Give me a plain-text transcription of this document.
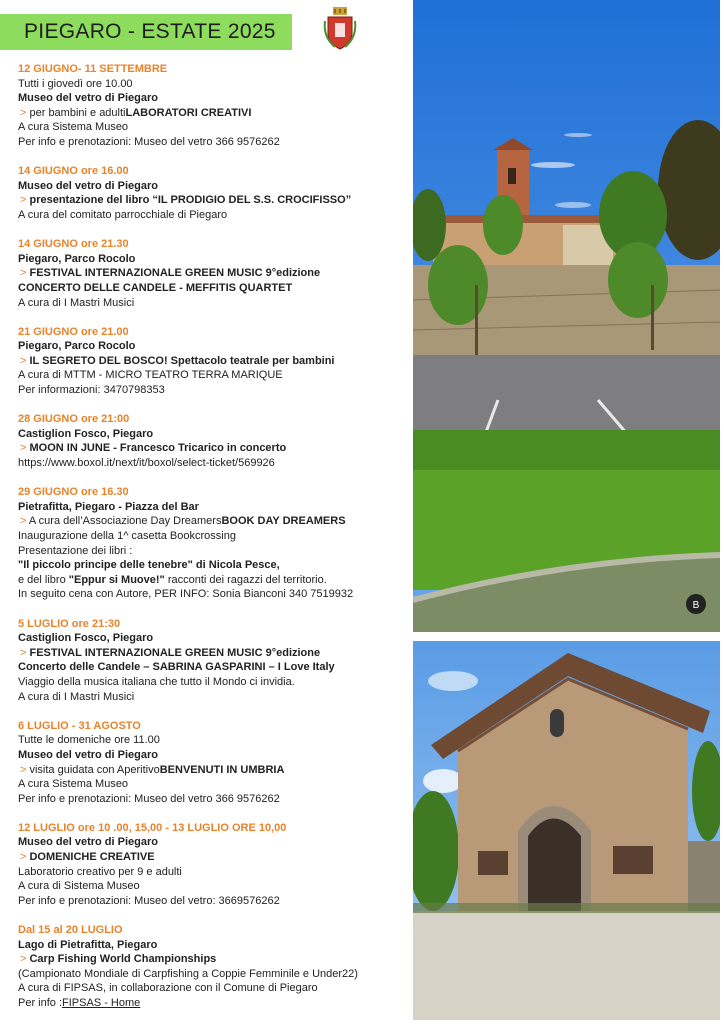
PIEGARO - ESTATE 2025
12 GIUGNO- 11 SETTEMBRE
Tutti i giovedì ore 10.00
Museo del vetro di Piegaro
> per bambini e adultiLABORATORI CREATIVI
A cura Sistema Museo
Per info e prenotazioni: Museo del vetro 366 9576262
14 GIUGNO ore 16.00
Museo del vetro di Piegaro
> presentazione del libro “IL PRODIGIO DEL S.S. CROCIFISSO”
A cura del comitato parrocchiale di Piegaro
14 GIUGNO ore 21.30
Piegaro, Parco Rocolo
> FESTIVAL INTERNAZIONALE GREEN MUSIC 9°edizione
CONCERTO DELLE CANDELE - MEFFITIS QUARTET
A cura di I Mastri Musici
21 GIUGNO ore 21.00
Piegaro, Parco Rocolo
> IL SEGRETO DEL BOSCO! Spettacolo teatrale per bambini
A cura di MTTM - MICRO TEATRO TERRA MARIQUE
Per informazioni: 3470798353
28 GIUGNO ore 21:00
Castiglion Fosco, Piegaro
> MOON IN JUNE - Francesco Tricarico in concerto
https://www.boxol.it/next/it/boxol/select-ticket/569926
29 GIUGNO ore 16.30
Pietrafitta, Piegaro - Piazza del Bar
> A cura dell’Associazione Day DreamersBOOK DAY DREAMERS
Inaugurazione della 1^ casetta Bookcrossing
Presentazione dei libri :
"Il piccolo principe delle tenebre" di Nicola Pesce,
e del libro "Eppur si Muove!" racconti dei ragazzi del territorio.
In seguito cena con Autore, PER INFO: Sonia Bianconi 340 7519932
5 LUGLIO ore 21:30
Castiglion Fosco, Piegaro
> FESTIVAL INTERNAZIONALE GREEN MUSIC 9°edizione
Concerto delle Candele – SABRINA GASPARINI – I Love Italy
Viaggio della musica italiana che tutto il Mondo ci invidia.
A cura di I Mastri Musici
6 LUGLIO - 31 AGOSTO
Tutte le domeniche ore 11.00
Museo del vetro di Piegaro
> visita guidata con AperitivoBENVENUTI IN UMBRIA
A cura Sistema Museo
Per info e prenotazioni: Museo del vetro 366 9576262
12 LUGLIO ore 10 .00, 15,00 - 13 LUGLIO ORE 10,00
Museo del vetro di Piegaro
> DOMENICHE CREATIVE
Laboratorio creativo per 9 e adulti
A cura di Sistema Museo
Per info e prenotazioni: Museo del vetro: 3669576262
Dal 15 al 20 LUGLIO
Lago di Pietrafitta, Piegaro
> Carp Fishing World Championships
(Campionato Mondiale di Carpfishing a Coppie Femminile e Under22)
A cura di FIPSAS, in collaborazione con il Comune di Piegaro
Per info :FIPSAS - Home
B
